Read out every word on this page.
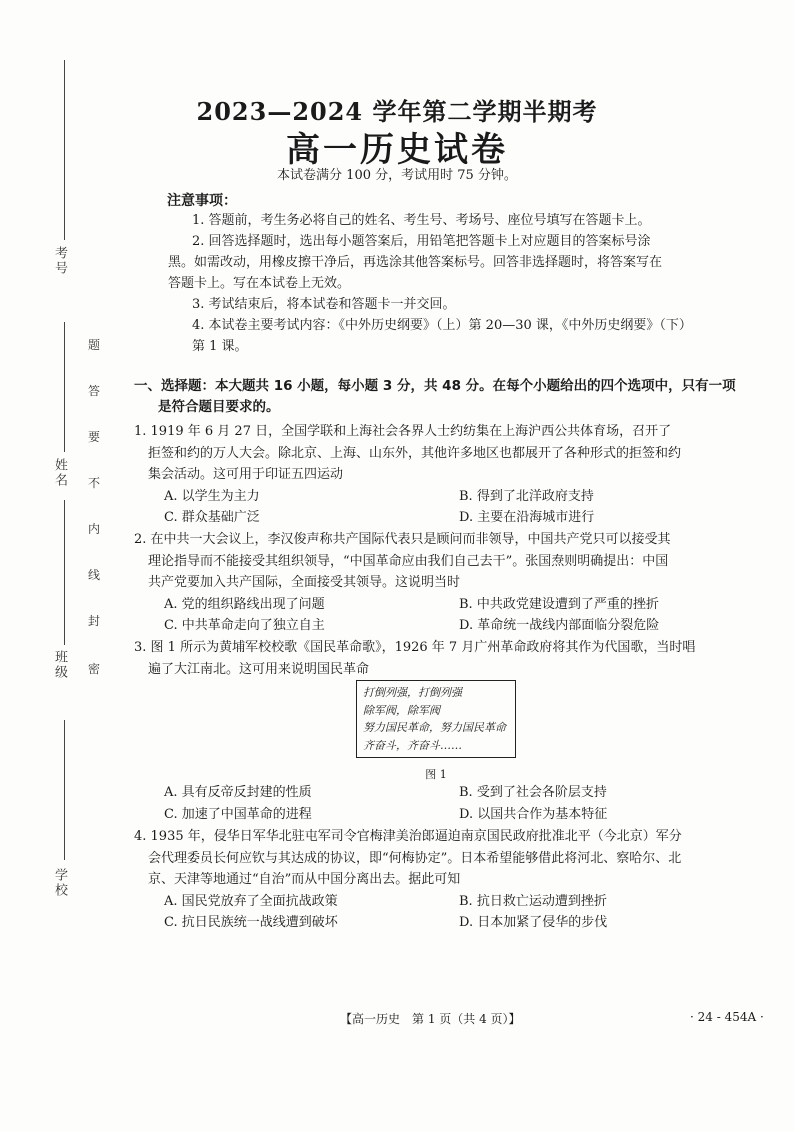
考号
姓名
班级
学校
题
答
要
不
内
线
封
密
2023—2024 学年第二学期半期考
高一历史试卷
本试卷满分 100 分，考试用时 75 分钟。
注意事项：

1. 答题前，考生务必将自己的姓名、考生号、考场号、座位号填写在答题卡上。

2. 回答选择题时，选出每小题答案后，用铅笔把答题卡上对应题目的答案标号涂

黑。如需改动，用橡皮擦干净后，再选涂其他答案标号。回答非选择题时，将答案写在

答题卡上。写在本试卷上无效。

3. 考试结束后，将本试卷和答题卡一并交回。

4. 本试卷主要考试内容：《中外历史纲要》（上）第 20—30 课，《中外历史纲要》（下）

第 1 课。

一、选择题：本大题共 16 小题，每小题 3 分，共 48 分。在每个小题给出的四个选项中，只有一项
是符合题目要求的。
1. 1919 年 6 月 27 日，全国学联和上海社会各界人士约纺集在上海沪西公共体育场，召开了
拒签和约的万人大会。除北京、上海、山东外，其他许多地区也都展开了各种形式的拒签和约
集会活动。这可用于印证五四运动
A. 以学生为主力	B. 得到了北洋政府支持
C. 群众基础广泛	D. 主要在沿海城市进行
2. 在中共一大会议上，李汉俊声称共产国际代表只是顾问而非领导，中国共产党只可以接受其
理论指导而不能接受其组织领导，“中国革命应由我们自己去干”。张国焘则明确提出：中国
共产党要加入共产国际，全面接受其领导。这说明当时
A. 党的组织路线出现了问题	B. 中共政党建设遭到了严重的挫折
C. 中共革命走向了独立自主	D. 革命统一战线内部面临分裂危险
3. 图 1 所示为黄埔军校校歌《国民革命歌》，1926 年 7 月广州革命政府将其作为代国歌，当时唱
遍了大江南北。这可用来说明国民革命
打倒列强，打倒列强
除军阀，除军阀
努力国民革命，努力国民革命
齐奋斗，齐奋斗……
图 1
A. 具有反帝反封建的性质	B. 受到了社会各阶层支持
C. 加速了中国革命的进程	D. 以国共合作为基本特征
4. 1935 年，侵华日军华北驻屯军司令官梅津美治郎逼迫南京国民政府批准北平（今北京）军分
会代理委员长何应钦与其达成的协议，即“何梅协定”。日本希望能够借此将河北、察哈尔、北
京、天津等地通过“自治”而从中国分离出去。据此可知
A. 国民党放弃了全面抗战政策	B. 抗日救亡运动遭到挫折
C. 抗日民族统一战线遭到破坏	D. 日本加紧了侵华的步伐
【高一历史　第 1 页（共 4 页）】	· 24 - 454A ·
